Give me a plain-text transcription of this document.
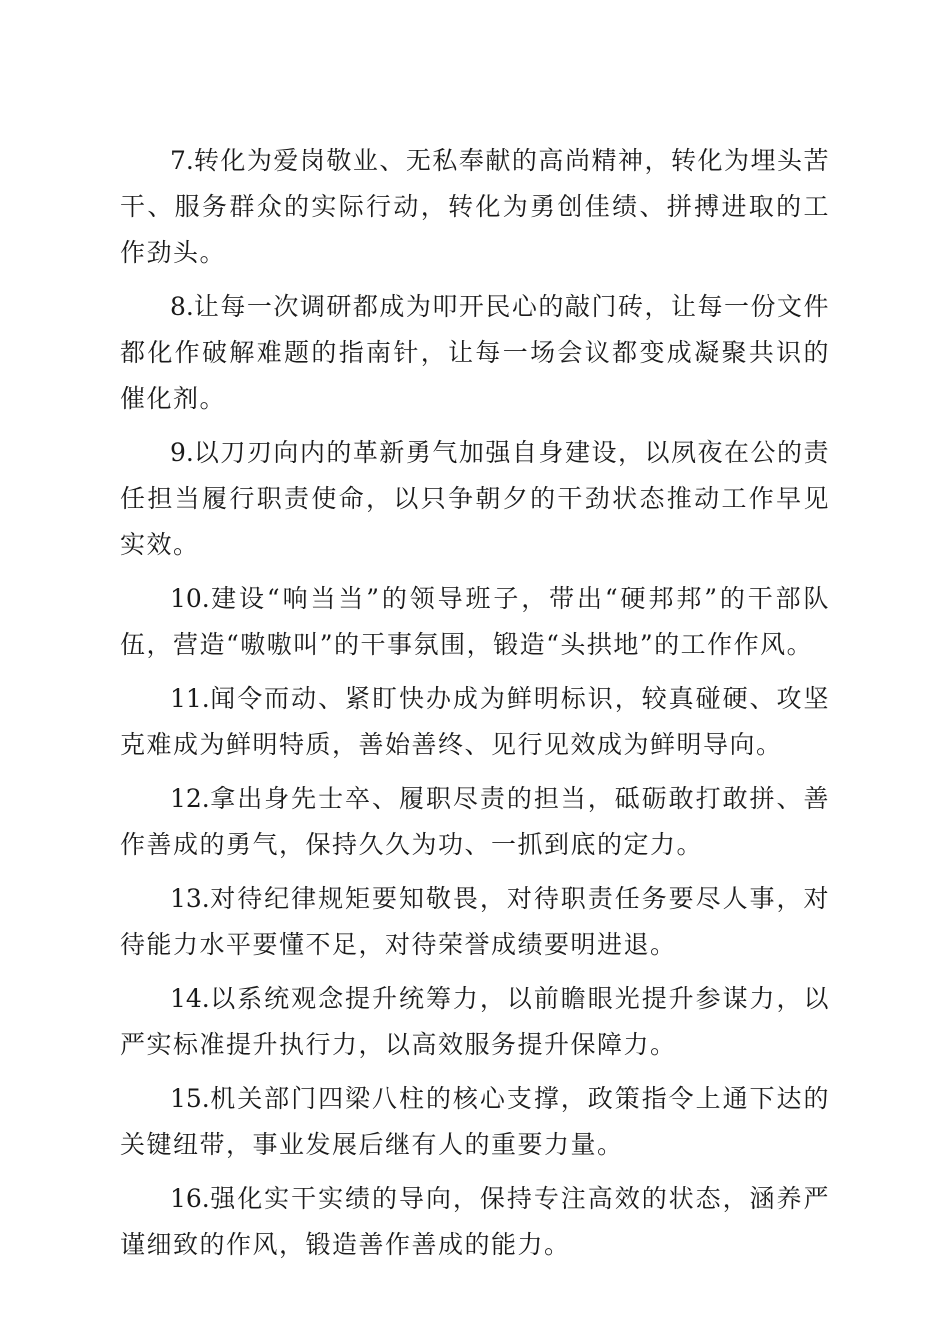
7.转化为爱岗敬业、无私奉献的高尚精神，转化为埋头苦干、服务群众的实际行动，转化为勇创佳绩、拼搏进取的工作劲头。

8.让每一次调研都成为叩开民心的敲门砖，让每一份文件都化作破解难题的指南针，让每一场会议都变成凝聚共识的催化剂。

9.以刀刃向内的革新勇气加强自身建设，以夙夜在公的责任担当履行职责使命，以只争朝夕的干劲状态推动工作早见实效。

10.建设“响当当”的领导班子，带出“硬邦邦”的干部队伍，营造“嗷嗷叫”的干事氛围，锻造“头拱地”的工作作风。

11.闻令而动、紧盯快办成为鲜明标识，较真碰硬、攻坚克难成为鲜明特质，善始善终、见行见效成为鲜明导向。

12.拿出身先士卒、履职尽责的担当，砥砺敢打敢拼、善作善成的勇气，保持久久为功、一抓到底的定力。

13.对待纪律规矩要知敬畏，对待职责任务要尽人事，对待能力水平要懂不足，对待荣誉成绩要明进退。

14.以系统观念提升统筹力，以前瞻眼光提升参谋力，以严实标准提升执行力，以高效服务提升保障力。

15.机关部门四梁八柱的核心支撑，政策指令上通下达的关键纽带，事业发展后继有人的重要力量。

16.强化实干实绩的导向，保持专注高效的状态，涵养严谨细致的作风，锻造善作善成的能力。
